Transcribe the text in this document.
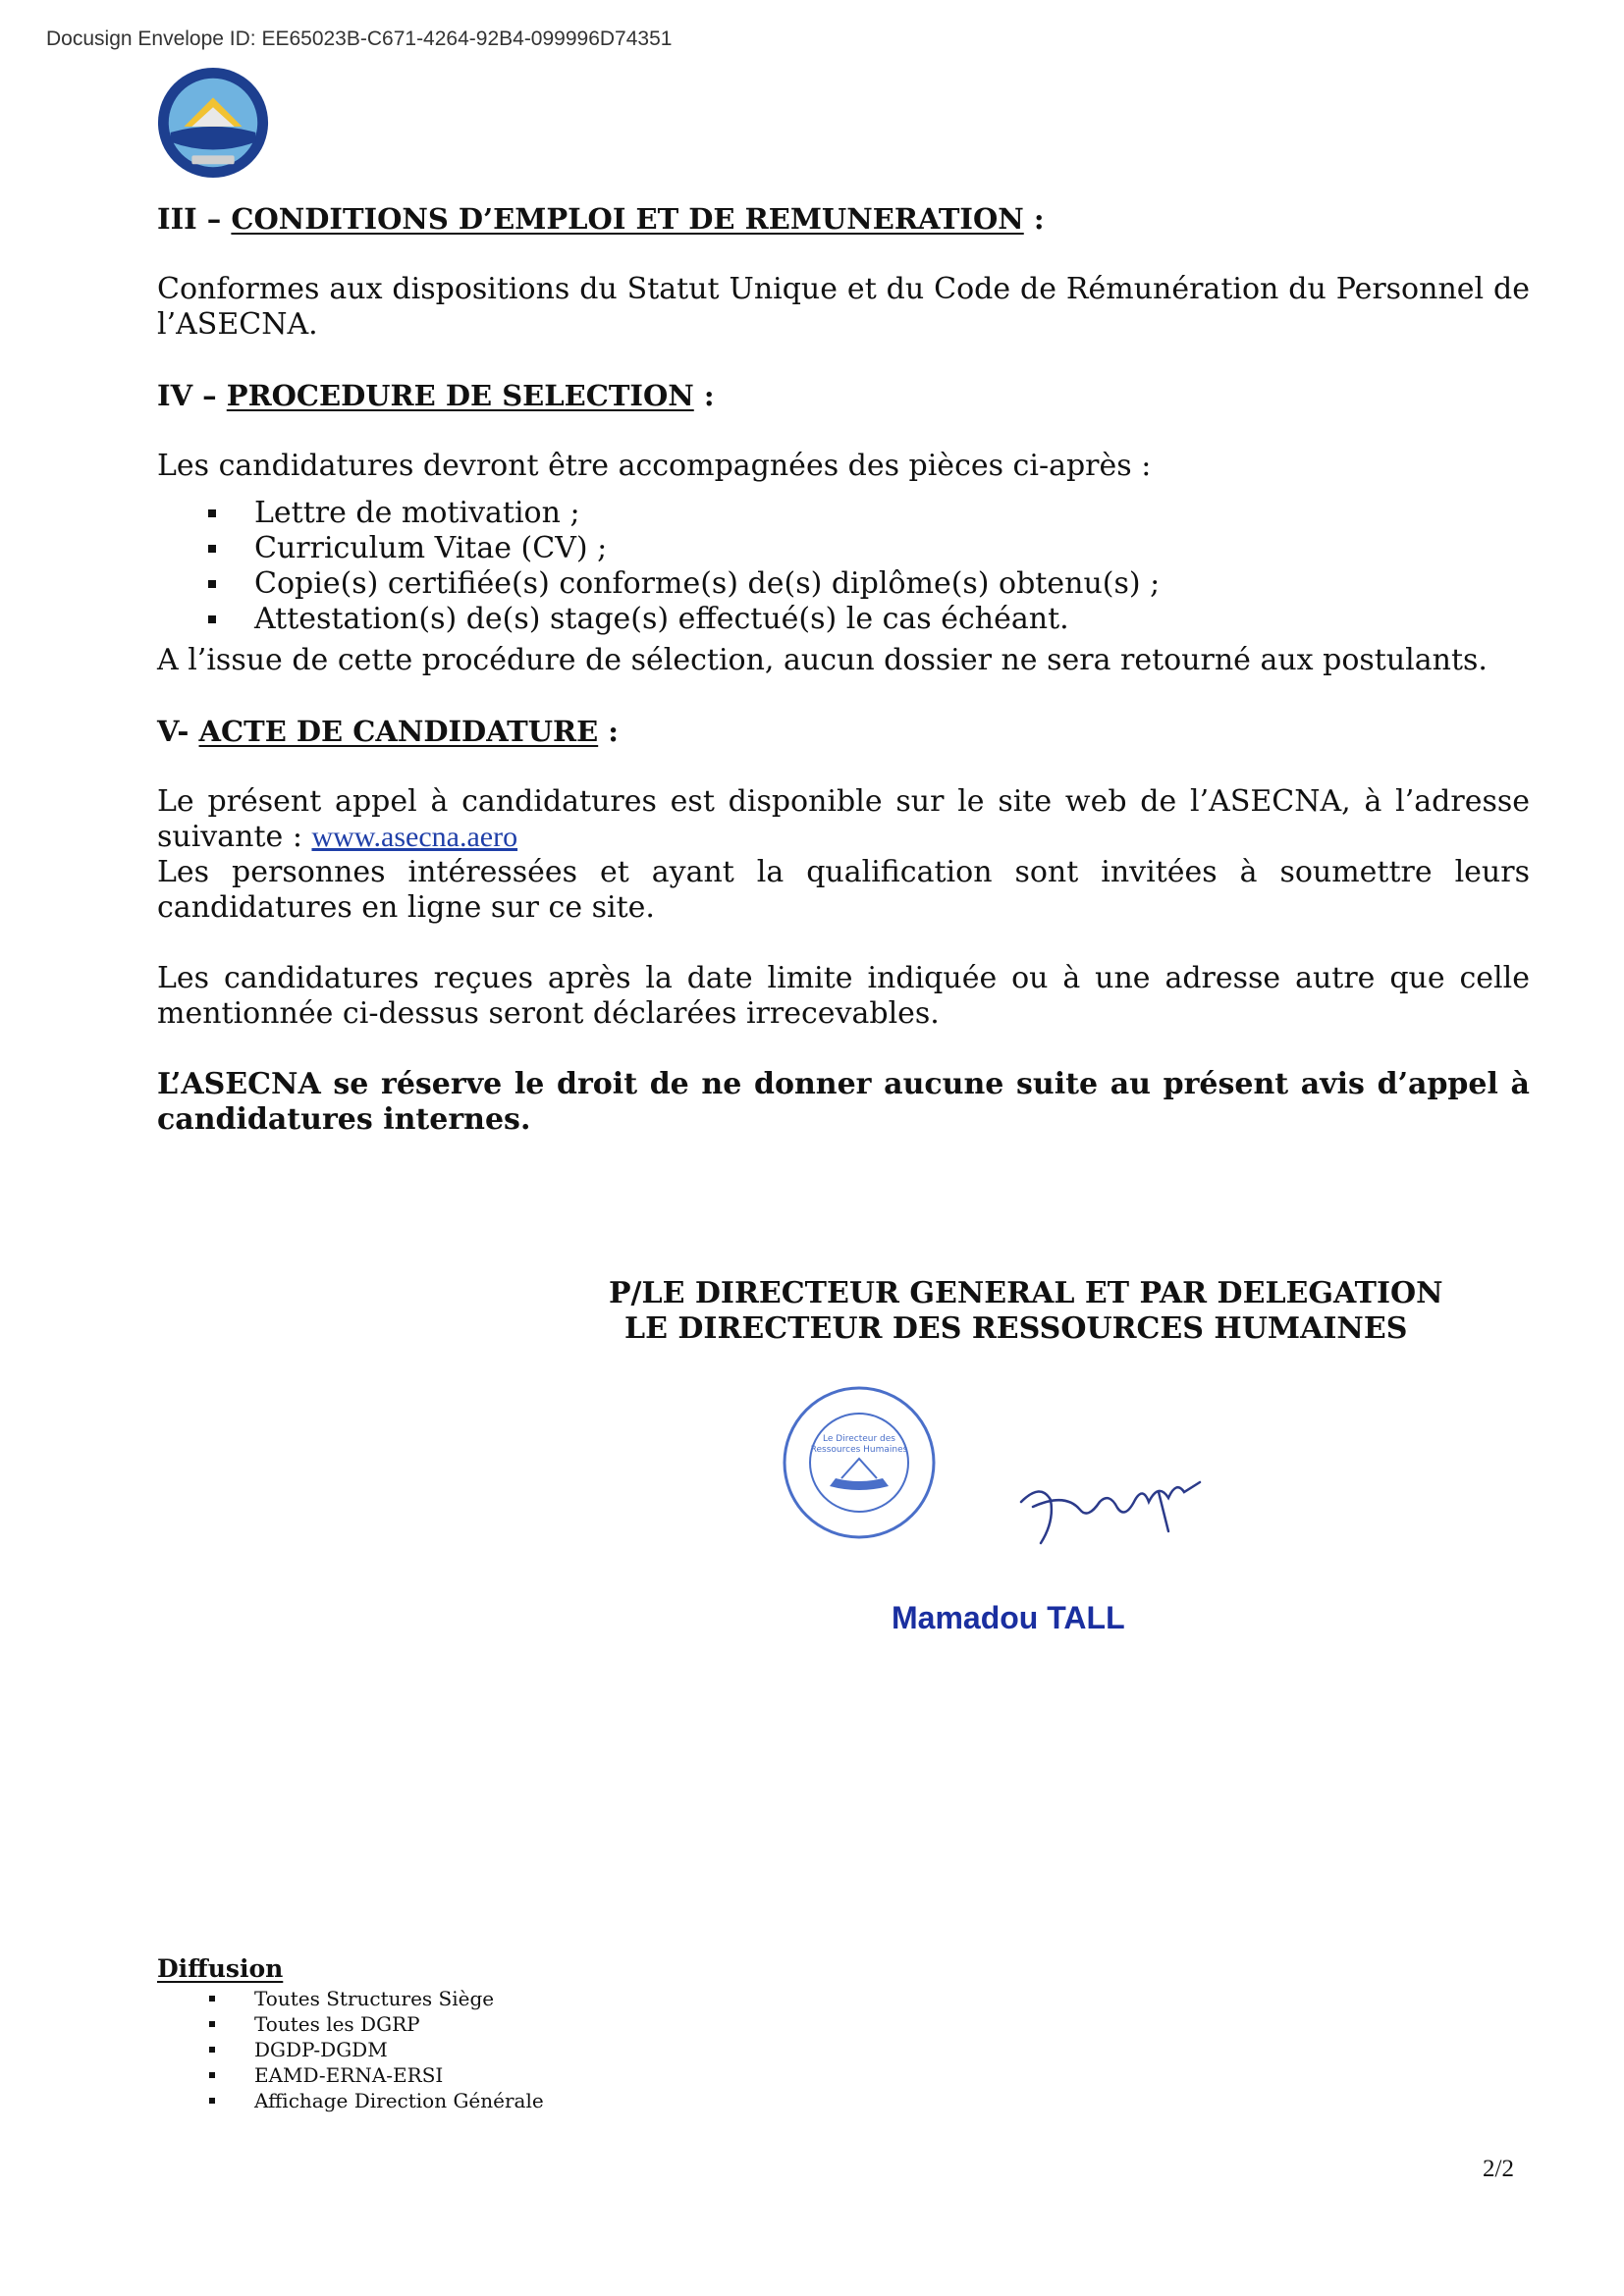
Docusign Envelope ID: EE65023B-C671-4264-92B4-099996D74351

III – CONDITIONS D’EMPLOI ET DE REMUNERATION :

Conformes aux dispositions du Statut Unique et du Code de Rémunération du Personnel de l’ASECNA.

IV – PROCEDURE DE SELECTION :

Les candidatures devront être accompagnées des pièces ci-après :

Lettre de motivation ;
Curriculum Vitae (CV) ;
Copie(s) certifiée(s) conforme(s) de(s) diplôme(s) obtenu(s) ;
Attestation(s) de(s) stage(s) effectué(s) le cas échéant.

A l’issue de cette procédure de sélection, aucun dossier ne sera retourné aux postulants.

V- ACTE DE CANDIDATURE :

Le présent appel à candidatures est disponible sur le site web de l’ASECNA, à l’adresse suivante : www.asecna.aero

Les personnes intéressées et ayant la qualification sont invitées à soumettre leurs candidatures en ligne sur ce site.

Les candidatures reçues après la date limite indiquée ou à une adresse autre que celle mentionnée ci-dessus seront déclarées irrecevables.

L’ASECNA se réserve le droit de ne donner aucune suite au présent avis d’appel à candidatures internes.

P/LE DIRECTEUR GENERAL ET PAR DELEGATION
LE DIRECTEUR DES RESSOURCES HUMAINES
Le Directeur des
Ressources Humaines
Mamadou TALL
Diffusion
Toutes Structures Siège
Toutes les DGRP
DGDP-DGDM
EAMD-ERNA-ERSI
Affichage Direction Générale
2/2
